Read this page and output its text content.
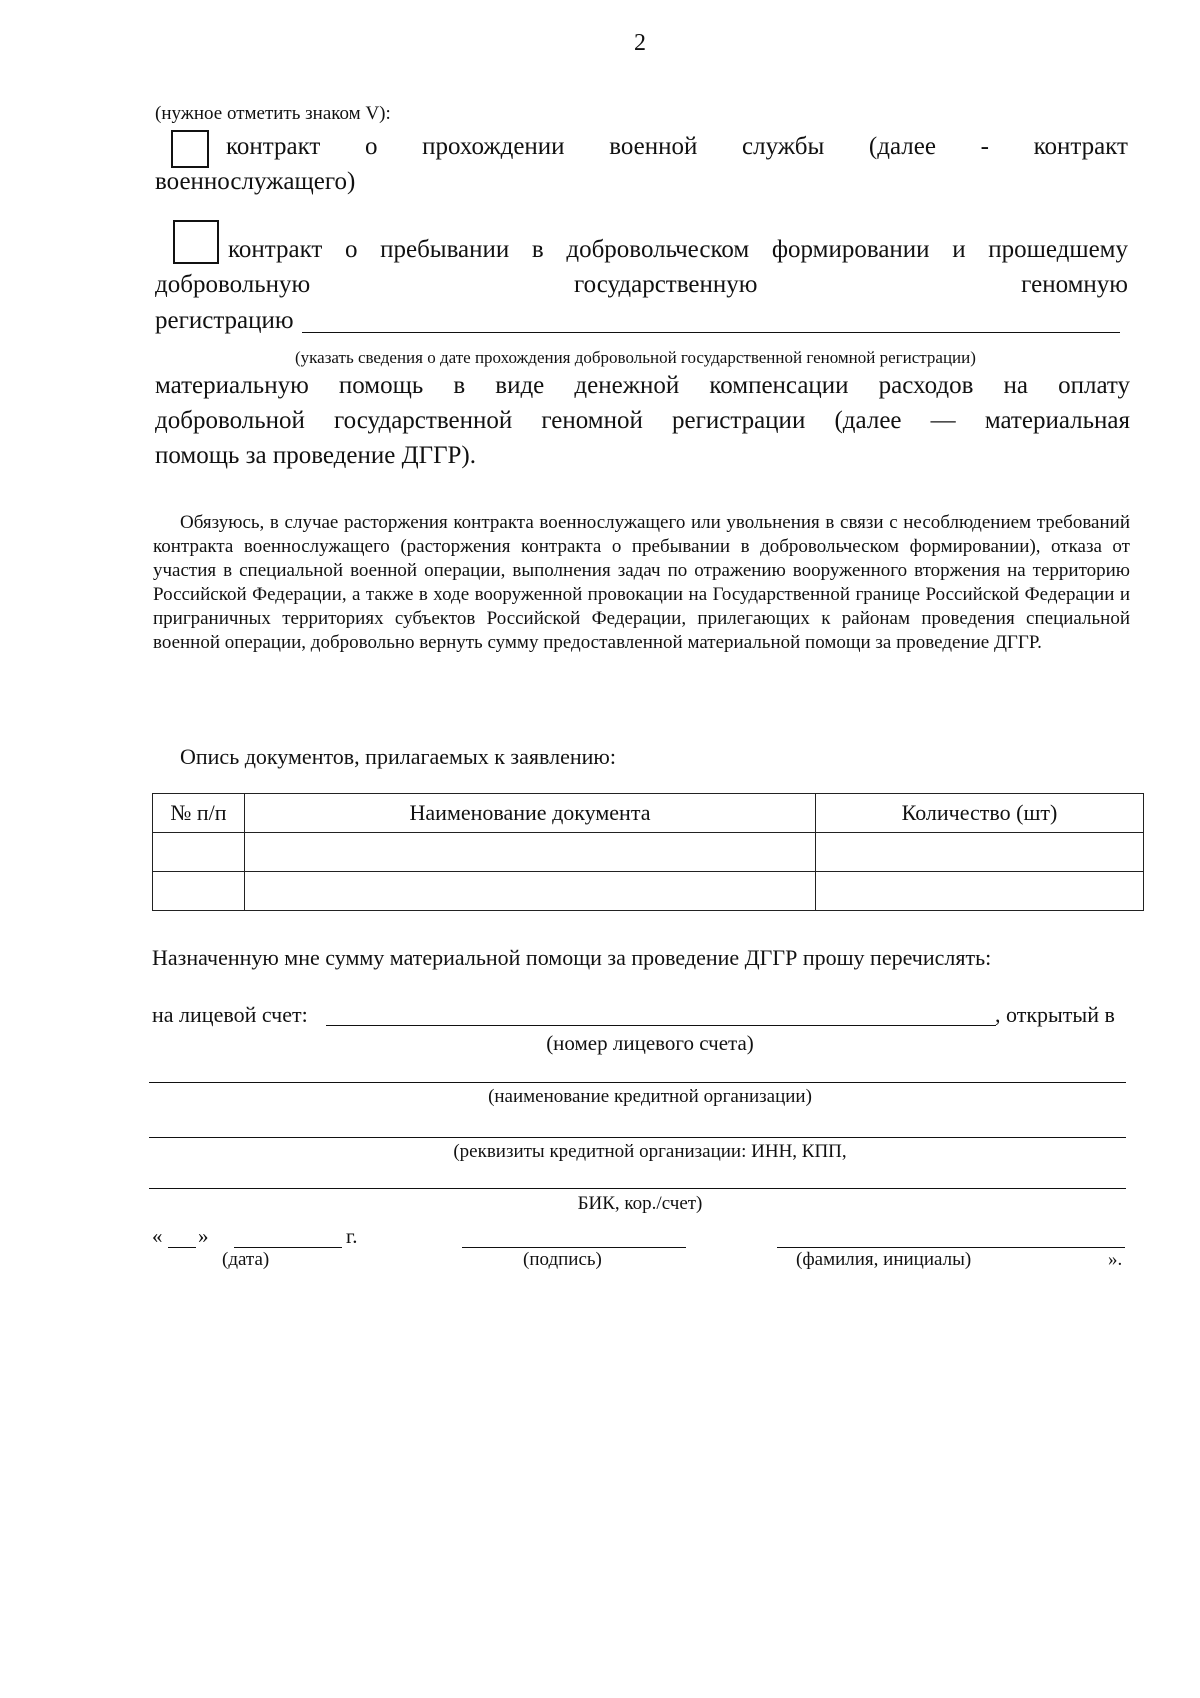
2
(нужное отметить знаком V):
контракт о прохождении военной службы (далее - контракт
военнослужащего)
контракт о пребывании в добровольческом формировании и прошедшему
добровольную	государственную	геномную
регистрацию
(указать сведения о дате прохождения добровольной государственной геномной регистрации)
материальную помощь в виде денежной компенсации расходов на оплату
добровольной государственной геномной регистрации (далее — материальная
помощь за проведение ДГГР).
Обязуюсь, в случае расторжения контракта военнослужащего или увольнения в связи с несоблюдением требований контракта военнослужащего (расторжения контракта о пребывании в добровольческом формировании), отказа от участия в специальной военной операции, выполнения задач по отражению вооруженного вторжения на территорию Российской Федерации, а также в ходе вооруженной провокации на Государственной границе Российской Федерации и приграничных территориях субъектов Российской Федерации, прилегающих к районам проведения специальной военной операции, добровольно вернуть сумму предоставленной материальной помощи за проведение ДГГР.
Опись документов, прилагаемых к заявлению:
№ п/п	Наименование документа	Количество (шт)

Назначенную мне сумму материальной помощи за проведение ДГГР прошу перечислять:
на лицевой счет:	, открытый в
(номер лицевого счета)
(наименование кредитной организации)
(реквизиты кредитной организации: ИНН, КПП,
БИК, кор./счет)
« »	г.
(дата)	(подпись)	(фамилия, инициалы)	».
